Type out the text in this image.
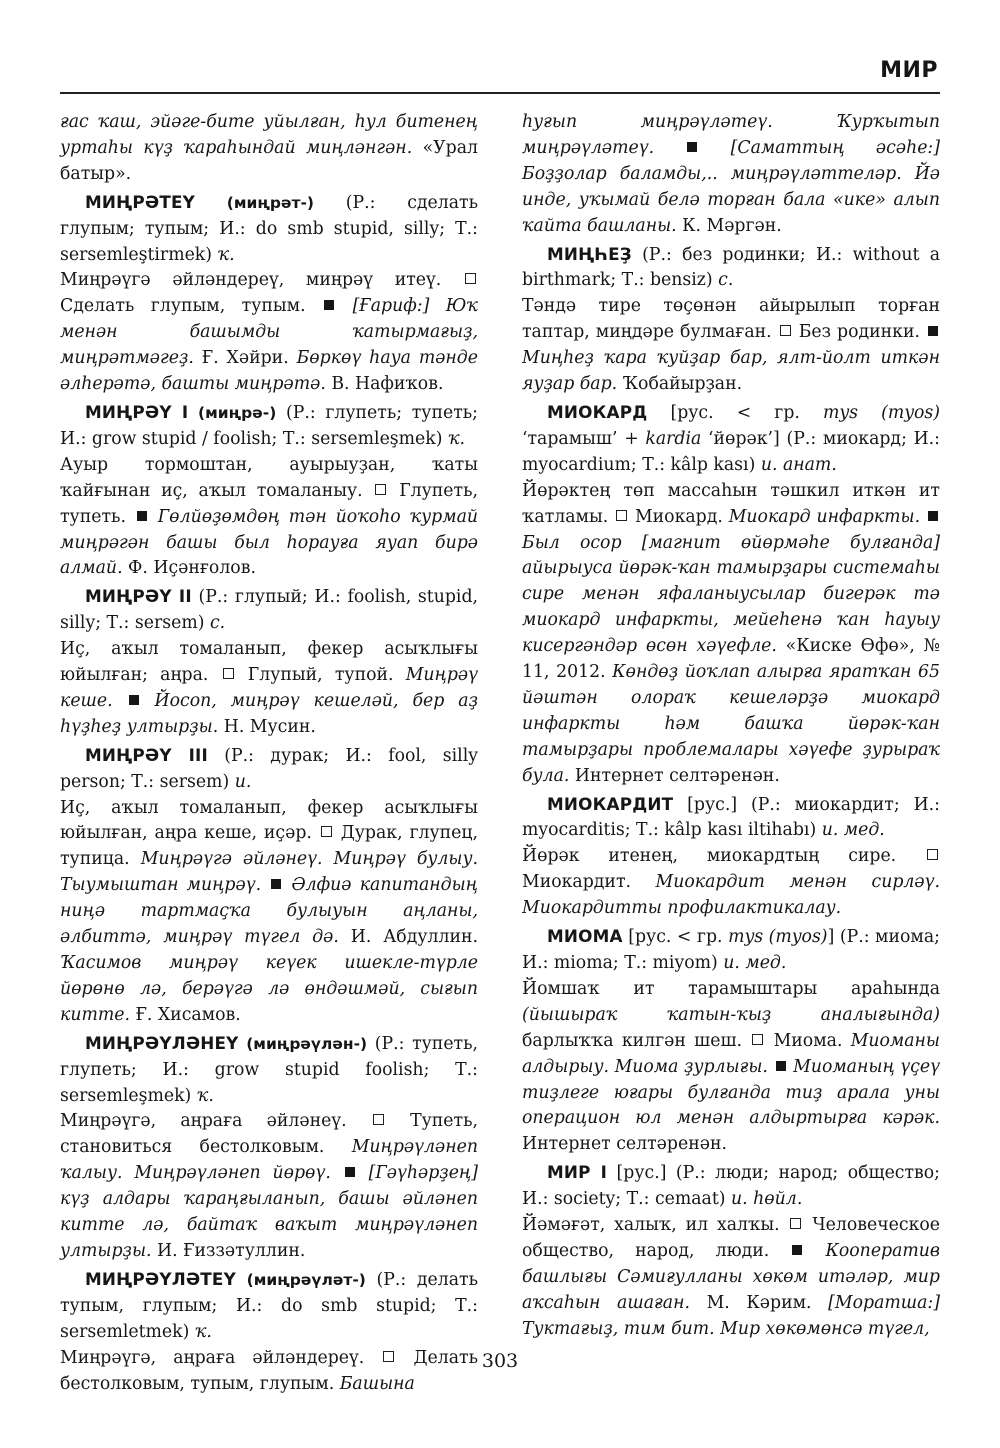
МИР

ғас ҡаш, эйәге-бите уйылған, һул битенең уртаһы күҙ ҡараһындай миңләнгән. «Урал батыр».

МИҢРӘТЕҮ (миңрәт-) (Р.: сделать глупым; тупым; И.: do smb stupid, silly; Т.: sersemleştirmek) ҡ.
Миңрәүгә әйләндереү, миңрәү итеү.  Сделать глупым, тупым.	[Ғариф:] Юҡ менән башымды ҡатырмағыҙ, миңрәтмәгеҙ. Ғ. Хәйри. Бөркөү һауа тәнде әлһерәтә, башты миңрәтә. В. Нафиҡов.

МИҢРӘҮ I (миңрә-) (Р.: глупеть; тупеть; И.: grow stupid / foolish; Т.: sersemleşmek) ҡ.
Ауыр тормоштан, ауырыуҙан, ҡаты ҡайғынан иҫ, аҡыл томаланыу. Глупеть, тупеть. Гөлйөҙөмдөң тән йоҡоһо ҡурмай миңрәгән башы был һорауға яуап бирә алмай. Ф. Иҫәнғолов.

МИҢРӘҮ II (Р.: глупый; И.: foolish, stupid, silly; Т.: sersem) с.
Иҫ, аҡыл томаланып, фекер асыҡлығы юйылған; аңра. Глупый, тупой. Миңрәү кеше. Йосоп, миңрәү кешеләй, бер аҙ һүҙһеҙ ултырҙы. Н. Мусин.

МИҢРӘҮ III (Р.: дурак; И.: fool, silly person; Т.: sersem) и.
Иҫ, аҡыл томаланып, фекер асыҡлығы юйылған, аңра кеше, иҫәр. Дурак, глупец, тупица. Миңрәүгә әйләнеү. Миңрәү булыу. Тыумыштан миңрәү. Әлфиә капитандың ниңә тартмаҫҡа булыуын аңланы, әлбиттә, миңрәү түгел дә. И. Абдуллин. Ҡасимов миңрәү кеүек ишекле-түрле йөрөнө лә, берәүгә лә өндәшмәй, сығып китте. Ғ. Хисамов.

МИҢРӘҮЛӘНЕҮ (миңрәүлән-) (Р.: тупеть, глупеть; И.: grow stupid foolish; Т.: sersemleşmek) ҡ.
Миңрәүгә, аңраға әйләнеү.	Тупеть, становиться бестолковым. Миңрәүләнеп ҡалыу. Миңрәүләнеп йөрөү. [Гәүһәрҙең] күҙ алдары ҡараңғыланып, башы әйләнеп китте лә, байтаҡ ваҡыт миңрәүләнеп ултырҙы. И. Ғиззәтуллин.

МИҢРӘҮЛӘТЕҮ (миңрәүләт-) (Р.: делать тупым, глупым; И.: do smb stupid; Т.: sersemletmek) ҡ.
Миңрәүгә, аңраға әйләндереү.	Делать бестолковым, тупым, глупым. Башына

һуғып миңрәүләтеү. Ҡурҡытып миңрәүләтеү.	[Саматтың әсәһе:] Боҙҙолар баламды,.. миңрәүләттеләр. Йә инде, уҡымай белә торған бала «ике» алып ҡайта башланы. К. Мәргән.

МИҢҺЕҘ (Р.: без родинки; И.: without a birthmark; Т.: bensiz) с.
Тәндә тире төҫөнән айырылып торған таптар, миңдәре булмаған. Без родинки.  Миңһеҙ ҡара ҡуйҙар бар, ялт-йолт иткән яуҙар бар. Ҡобайырҙан.

МИОКАРД [рус. < гр. mys (myos) ‘тарамыш’ + kardia ‘йөрәк’] (Р.: миокард; И.: myocardium; Т.: kâlp kası) и. анат.
Йөрәктең төп массаһын тәшкил иткән ит ҡатламы. Миокард. Миокард инфаркты.  Был осор [магнит өйөрмәһе булғанда] айырыуса йөрәк-ҡан тамырҙары системаһы сире менән яфаланыусылар бигерәк тә миокард инфаркты, мейеһенә ҡан һауыу кисергәндәр өсөн хәүефле. «Киске Өфө», № 11, 2012. Көндөҙ йоҡлап алырға яратҡан 65 йәштән олораҡ кешеләрҙә миокард инфаркты һәм башҡа йөрәк-ҡан тамырҙары проблемалары хәүефе ҙурыраҡ була. Интернет селтәренән.

МИОКАРДИТ [рус.] (Р.: миокардит; И.: myocarditis; Т.: kâlp kası iltihabı) и. мед.
Йөрәк итенең, миокардтың сире.  Миокардит. Миокардит менән сирләү. Миокардитты профилактикалау.

МИОМА [рус. < гр. mys (myos)] (Р.: миома; И.: mioma; Т.: miyom) и. мед.
Йомшаҡ ит тарамыштары араһында (йышыраҡ ҡатын-ҡыҙ аналығында) барлыҡҡа килгән шеш. Миома. Миоманы алдырыу. Миома ҙурлығы. Миоманың үҫеү тиҙлеге юғары булғанда тиҙ арала уны операцион юл менән алдыртырға кәрәк. Интернет селтәренән.

МИР I [рус.] (Р.: люди; народ; общество; И.: society; Т.: cemaat) и. һөйл.
Йәмәғәт, халыҡ, ил халҡы. Человеческое общество, народ, люди.	Кооператив башлығы Сәмиғулланы хөкөм итәләр, мир аҡсаһын ашаған. М. Кәрим. [Моратша:] Туктағыҙ, тим бит. Мир хөкөмөнсә түгел,

303
